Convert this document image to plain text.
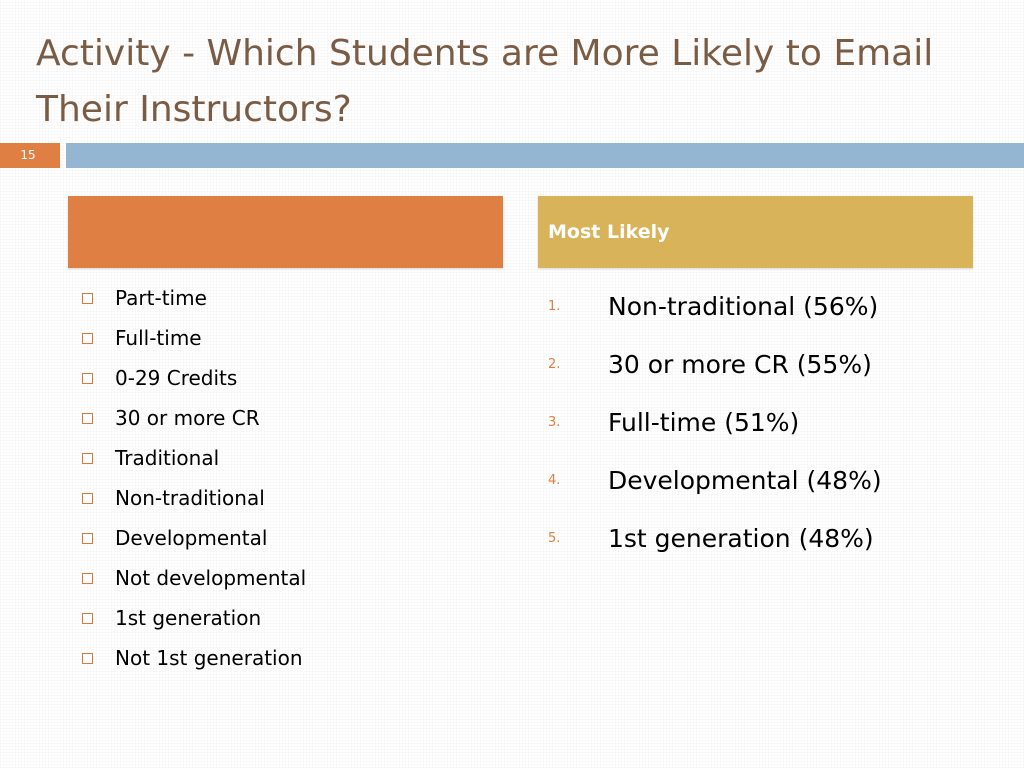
Activity - Which Students are More Likely to Email Their Instructors?
15
Most Likely
Part-time
Full-time
0-29 Credits
30 or more CR
Traditional
Non-traditional
Developmental
Not developmental
1st generation
Not 1st generation
1.	Non-traditional (56%)
2.	30 or more CR (55%)
3.	Full-time (51%)
4.	Developmental (48%)
5.	1st generation (48%)
